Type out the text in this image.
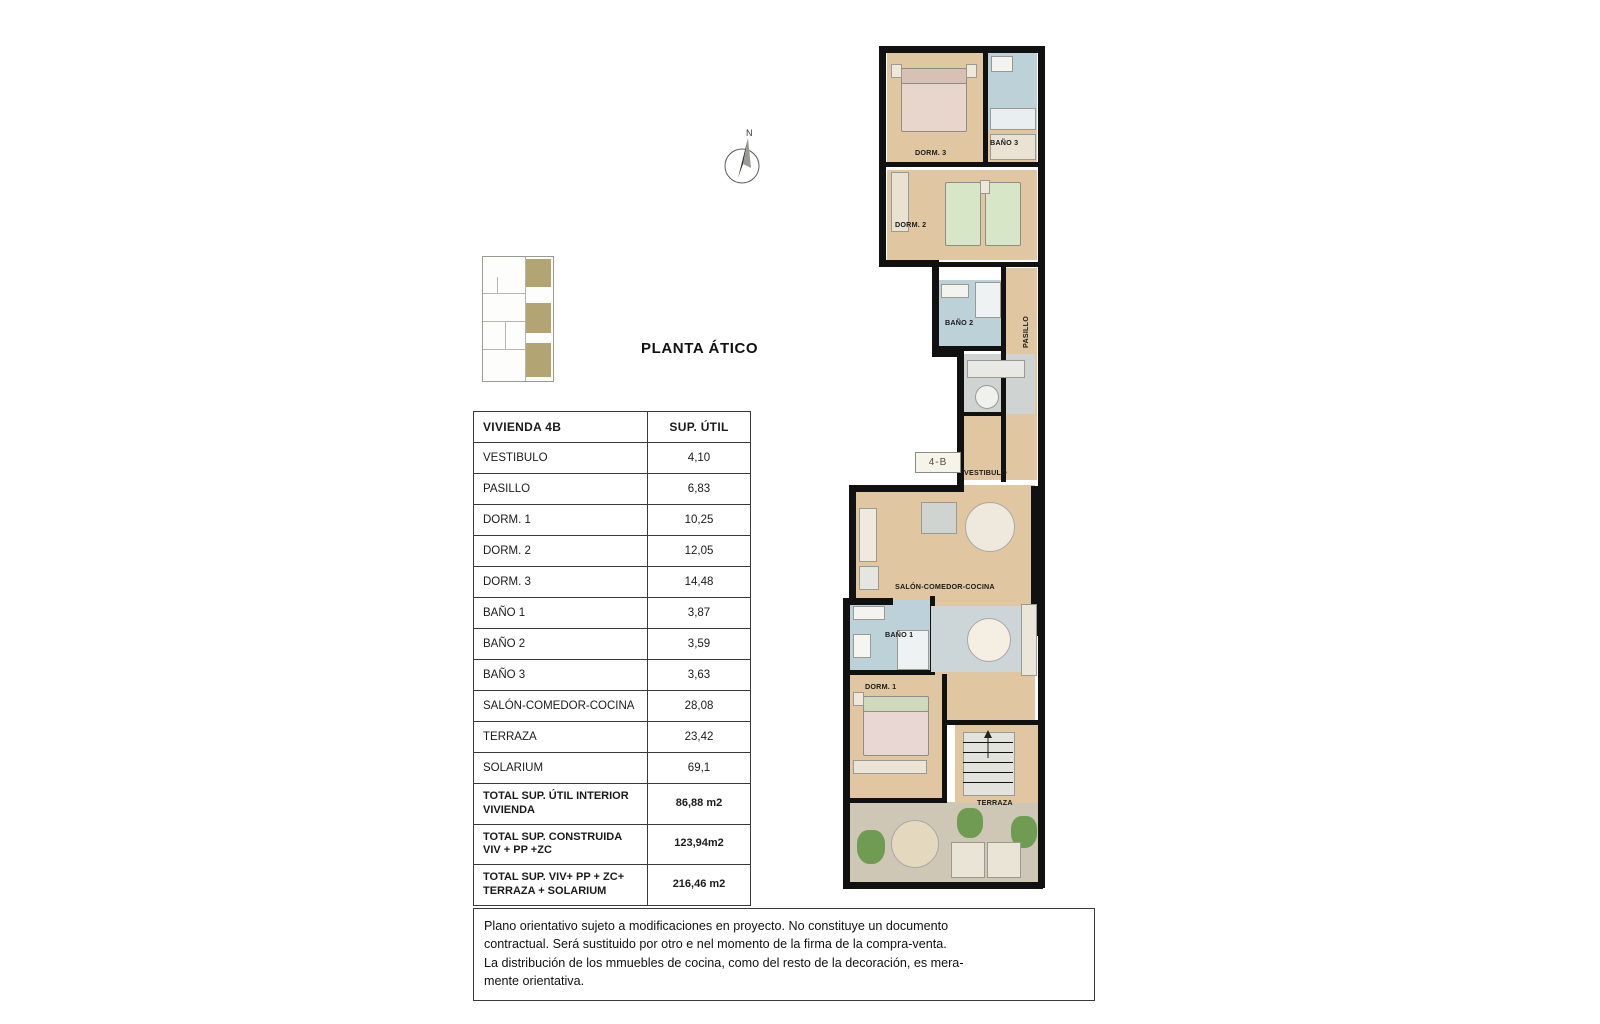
N
PLANTA ÁTICO
VIVIENDA 4B	SUP. ÚTIL
VESTIBULO	4,10
PASILLO	6,83
DORM. 1	10,25
DORM. 2	12,05
DORM. 3	14,48
BAÑO 1	3,87
BAÑO 2	3,59
BAÑO 3	3,63
SALÓN-COMEDOR-COCINA	28,08
TERRAZA	23,42
SOLARIUM	69,1
TOTAL SUP. ÚTIL INTERIOR VIVIENDA	86,88 m2
TOTAL SUP. CONSTRUIDA VIV + PP +ZC	123,94m2
TOTAL SUP. VIV+ PP + ZC+ TERRAZA + SOLARIUM	216,46 m2
Plano orientativo sujeto a modificaciones en proyecto. No constituye un documento
contractual. Será sustituido por otro e nel momento de la firma de la compra-venta.
La distribución de los mmuebles de cocina, como del resto de la decoración, es mera-
mente orientativa.
DORM. 3
BAÑO 3
DORM. 2
BAÑO 2	PASILLO
VESTIBULO
SALÓN-COMEDOR-COCINA
BAÑO 1
DORM. 1
TERRAZA
4-B
